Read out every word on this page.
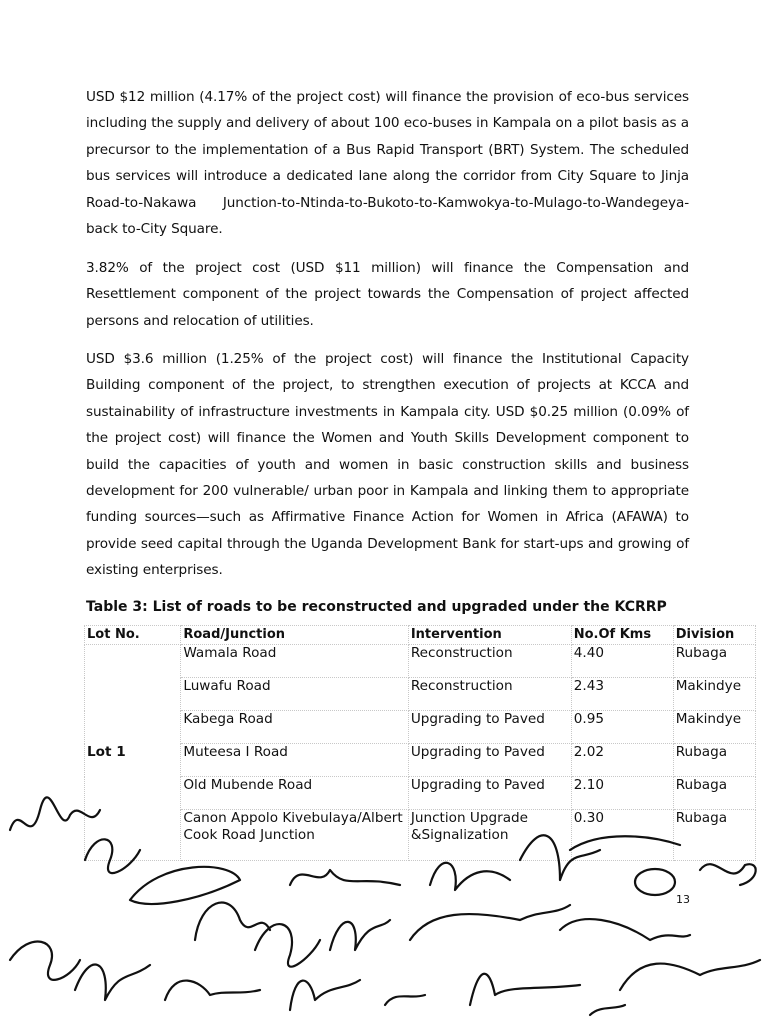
USD $12 million (4.17% of the project cost) will finance the provision of eco-bus services including the supply and delivery of about 100 eco-buses in Kampala on a pilot basis as a precursor to the implementation of a Bus Rapid Transport (BRT) System. The scheduled bus services will introduce a dedicated lane along the corridor from City Square to Jinja Road-to-Nakawa Junction-to-Ntinda-to-Bukoto-to-Kamwokya-to-Mulago-to-Wandegeya-back to-City Square.

3.82% of the project cost (USD $11 million) will finance the Compensation and Resettlement component of the project towards the Compensation of project affected persons and relocation of utilities.

USD $3.6 million (1.25% of the project cost) will finance the Institutional Capacity Building component of the project, to strengthen execution of projects at KCCA and sustainability of infrastructure investments in Kampala city. USD $0.25 million (0.09% of the project cost) will finance the Women and Youth Skills Development component to build the capacities of youth and women in basic construction skills and business development for 200 vulnerable/ urban poor in Kampala and linking them to appropriate funding sources—such as Affirmative Finance Action for Women in Africa (AFAWA) to provide seed capital through the Uganda Development Bank for start-ups and growing of existing enterprises.

Table 3: List of roads to be reconstructed and upgraded under the KCRRP
Lot No.	Road/Junction	Intervention	No.Of Kms	Division
Lot 1	Wamala Road	Reconstruction	4.40	Rubaga
	Luwafu Road	Reconstruction	2.43	Makindye
	Kabega Road	Upgrading to Paved	0.95	Makindye
	Muteesa I Road	Upgrading to Paved	2.02	Rubaga
	Old Mubende Road	Upgrading to Paved	2.10	Rubaga
	Canon Appolo Kivebulaya/Albert Cook Road Junction	Junction Upgrade &Signalization	0.30	Rubaga
13
